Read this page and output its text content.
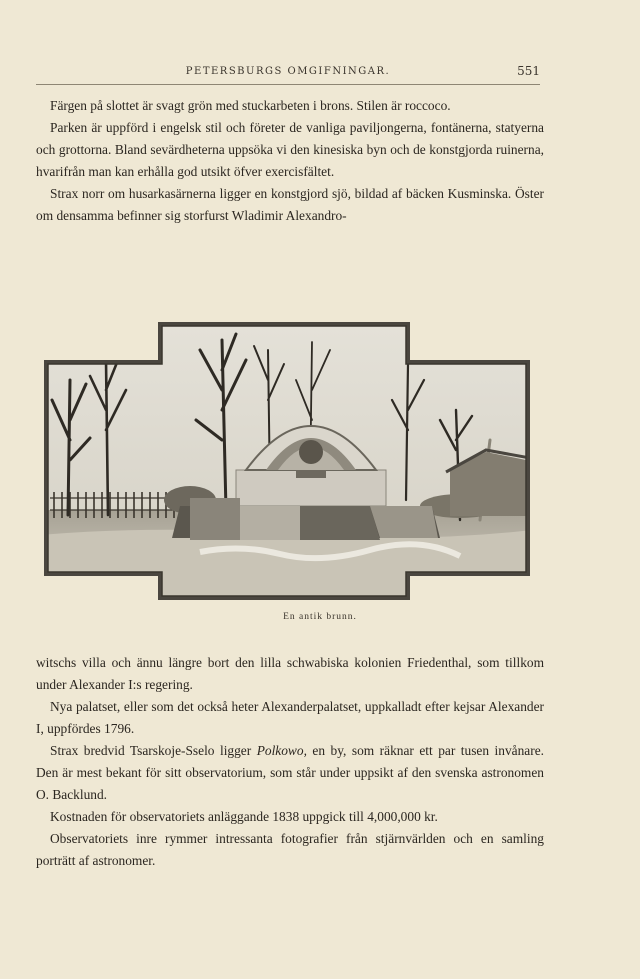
PETERSBURGS OMGIFNINGAR.	551

Färgen på slottet är svagt grön med stuckarbeten i brons. Stilen är roccoco.

Parken är uppförd i engelsk stil och företer de vanliga paviljongerna, fontänerna, statyerna och grottorna. Bland sevärdheterna uppsöka vi den kinesiska byn och de konstgjorda ruinerna, hvarifrån man kan erhålla god utsikt öfver exercisfältet.

Strax norr om husarkasärnerna ligger en konstgjord sjö, bildad af bäcken Kusminska. Öster om densamma befinner sig storfurst Wladimir Alexandro-

En antik brunn.

witschs villa och ännu längre bort den lilla schwabiska kolonien Friedenthal, som tillkom under Alexander I:s regering.

Nya palatset, eller som det också heter Alexanderpalatset, uppkalladt efter kejsar Alexander I, uppfördes 1796.

Strax bredvid Tsarskoje-Sselo ligger Polkowo, en by, som räknar ett par tusen invånare. Den är mest bekant för sitt observatorium, som står under uppsikt af den svenska astronomen O. Backlund.

Kostnaden för observatoriets anläggande 1838 uppgick till 4,000,000 kr.

Observatoriets inre rymmer intressanta fotografier från stjärnvärlden och en samling porträtt af astronomer.
